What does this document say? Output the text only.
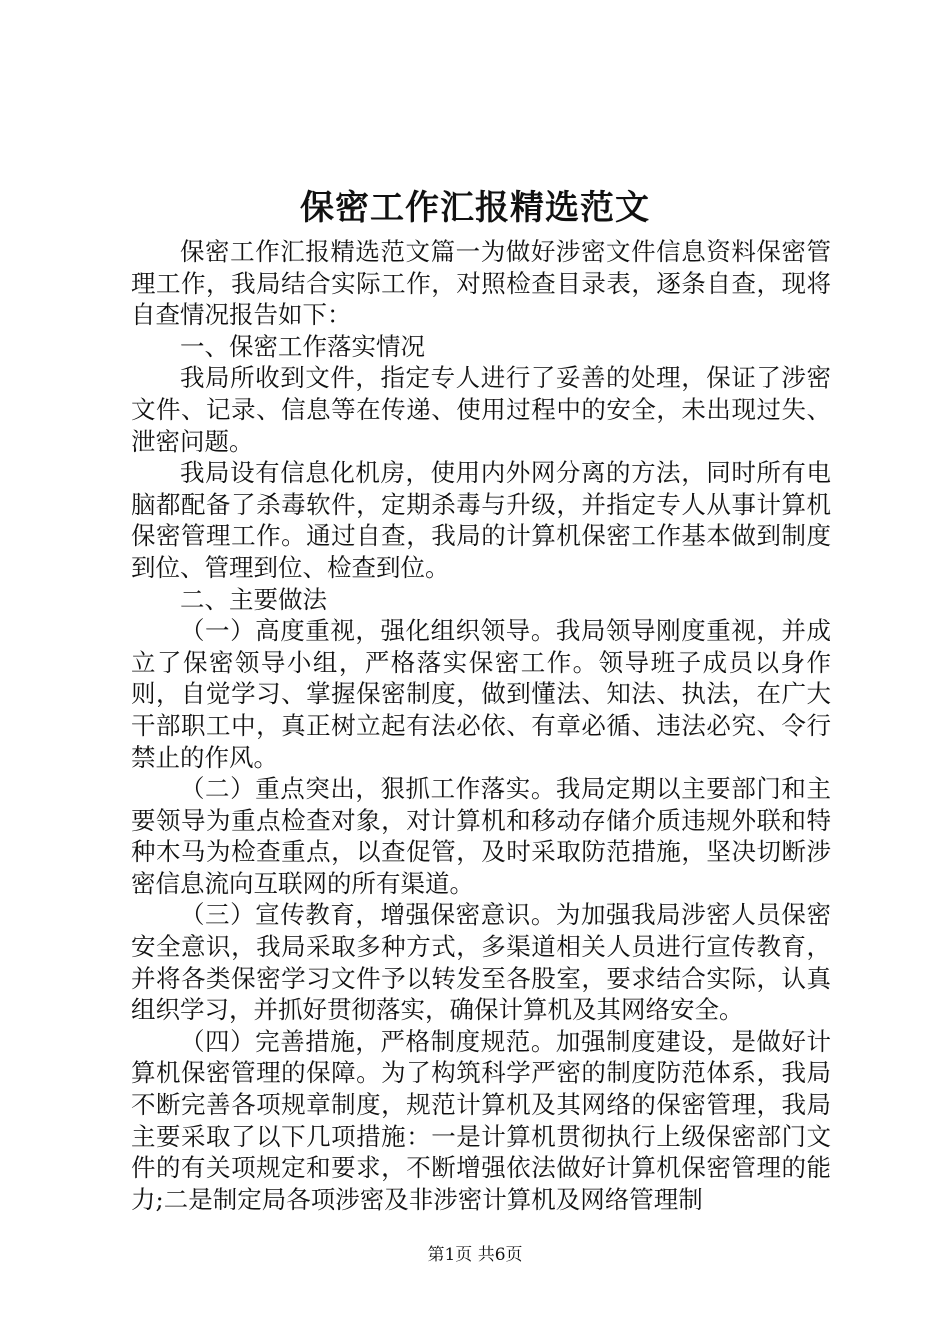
保密工作汇报精选范文

保密工作汇报精选范文篇一为做好涉密文件信息资料保密管理工作，我局结合实际工作，对照检查目录表，逐条自查，现将自查情况报告如下：

一、保密工作落实情况

我局所收到文件，指定专人进行了妥善的处理，保证了涉密文件、记录、信息等在传递、使用过程中的安全，未出现过失、泄密问题。

我局设有信息化机房，使用内外网分离的方法，同时所有电脑都配备了杀毒软件，定期杀毒与升级，并指定专人从事计算机保密管理工作。通过自查，我局的计算机保密工作基本做到制度到位、管理到位、检查到位。

二、主要做法

（一）高度重视，强化组织领导。我局领导刚度重视，并成立了保密领导小组，严格落实保密工作。领导班子成员以身作则，自觉学习、掌握保密制度，做到懂法、知法、执法，在广大干部职工中，真正树立起有法必依、有章必循、违法必究、令行禁止的作风。

（二）重点突出，狠抓工作落实。我局定期以主要部门和主要领导为重点检查对象，对计算机和移动存储介质违规外联和特种木马为检查重点，以查促管，及时采取防范措施，坚决切断涉密信息流向互联网的所有渠道。

（三）宣传教育，增强保密意识。为加强我局涉密人员保密安全意识，我局采取多种方式，多渠道相关人员进行宣传教育，并将各类保密学习文件予以转发至各股室，要求结合实际，认真组织学习，并抓好贯彻落实，确保计算机及其网络安全。

（四）完善措施，严格制度规范。加强制度建设，是做好计算机保密管理的保障。为了构筑科学严密的制度防范体系，我局不断完善各项规章制度，规范计算机及其网络的保密管理，我局主要采取了以下几项措施：一是计算机贯彻执行上级保密部门文件的有关项规定和要求，不断增强依法做好计算机保密管理的能力;二是制定局各项涉密及非涉密计算机及网络管理制

第1页 共6页
